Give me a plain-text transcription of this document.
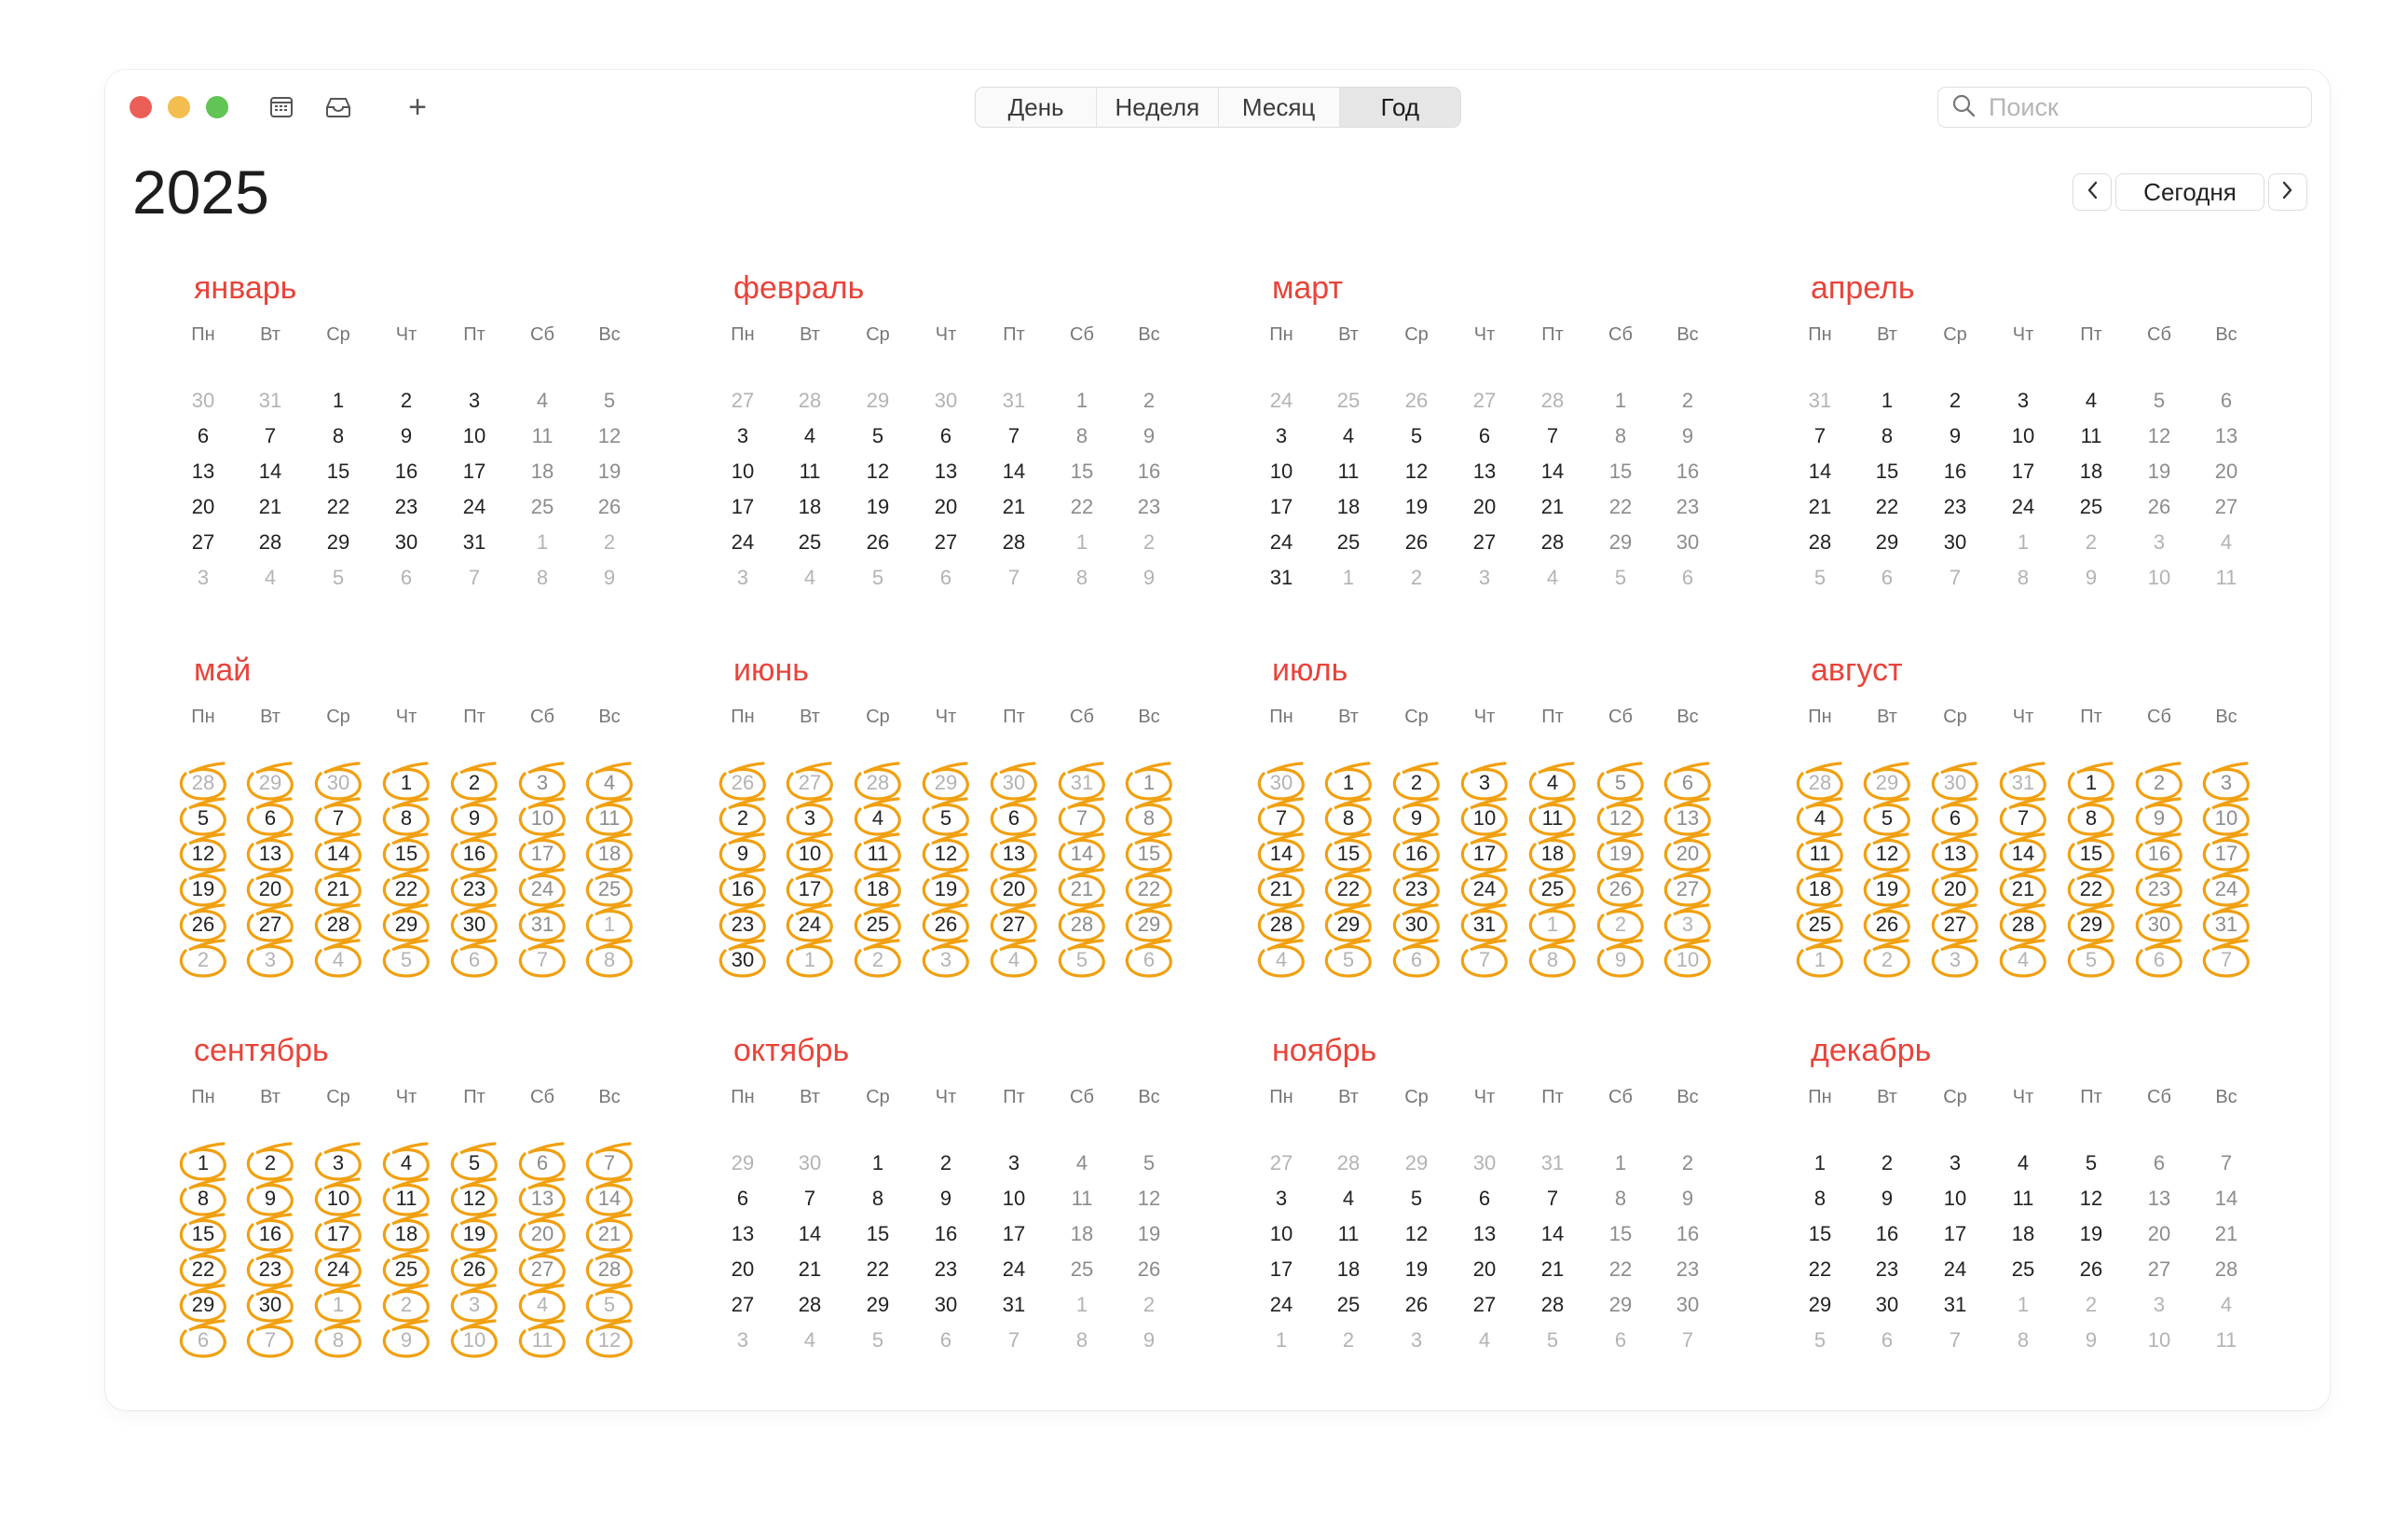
+	День	Неделя	Месяц	Год
Поиск
2025	Сегодня
январь
Пн Вт Ср Чт Пт Сб Вс
30	31	1	2	3	4	5
6	7	8	9	10	11	12
13	14	15	16	17	18	19
20	21	22	23	24	25	26
27	28	29	30	31	1	2
3	4	5	6	7	8	9
февраль
Пн Вт Ср Чт Пт Сб Вс
27	28	29	30	31	1	2
3	4	5	6	7	8	9
10	11	12	13	14	15	16
17	18	19	20	21	22	23
24	25	26	27	28	1	2
3	4	5	6	7	8	9
март
Пн Вт Ср Чт Пт Сб Вс
24	25	26	27	28	1	2
3	4	5	6	7	8	9
10	11	12	13	14	15	16
17	18	19	20	21	22	23
24	25	26	27	28	29	30
31	1	2	3	4	5	6
апрель
Пн Вт Ср Чт Пт Сб Вс
31	1	2	3	4	5	6
7	8	9	10	11	12	13
14	15	16	17	18	19	20
21	22	23	24	25	26	27
28	29	30	1	2	3	4
5	6	7	8	9	10	11
май
Пн Вт Ср Чт Пт Сб Вс
28	29	30	1	2	3	4
5	6	7	8	9	10	11
12	13	14	15	16	17	18
19	20	21	22	23	24	25
26	27	28	29	30	31	1
2	3	4	5	6	7	8
июнь
Пн Вт Ср Чт Пт Сб Вс
26	27	28	29	30	31	1
2	3	4	5	6	7	8
9	10	11	12	13	14	15
16	17	18	19	20	21	22
23	24	25	26	27	28	29
30	1	2	3	4	5	6
июль
Пн Вт Ср Чт Пт Сб Вс
30	1	2	3	4	5	6
7	8	9	10	11	12	13
14	15	16	17	18	19	20
21	22	23	24	25	26	27
28	29	30	31	1	2	3
4	5	6	7	8	9	10
август
Пн Вт Ср Чт Пт Сб Вс
28	29	30	31	1	2	3
4	5	6	7	8	9	10
11	12	13	14	15	16	17
18	19	20	21	22	23	24
25	26	27	28	29	30	31
1	2	3	4	5	6	7
сентябрь
Пн Вт Ср Чт Пт Сб Вс
1	2	3	4	5	6	7
8	9	10	11	12	13	14
15	16	17	18	19	20	21
22	23	24	25	26	27	28
29	30	1	2	3	4	5
6	7	8	9	10	11	12
октябрь
Пн Вт Ср Чт Пт Сб Вс
29	30	1	2	3	4	5
6	7	8	9	10	11	12
13	14	15	16	17	18	19
20	21	22	23	24	25	26
27	28	29	30	31	1	2
3	4	5	6	7	8	9
ноябрь
Пн Вт Ср Чт Пт Сб Вс
27	28	29	30	31	1	2
3	4	5	6	7	8	9
10	11	12	13	14	15	16
17	18	19	20	21	22	23
24	25	26	27	28	29	30
1	2	3	4	5	6	7
декабрь
Пн Вт Ср Чт Пт Сб Вс
1	2	3	4	5	6	7
8	9	10	11	12	13	14
15	16	17	18	19	20	21
22	23	24	25	26	27	28
29	30	31	1	2	3	4
5	6	7	8	9	10	11
